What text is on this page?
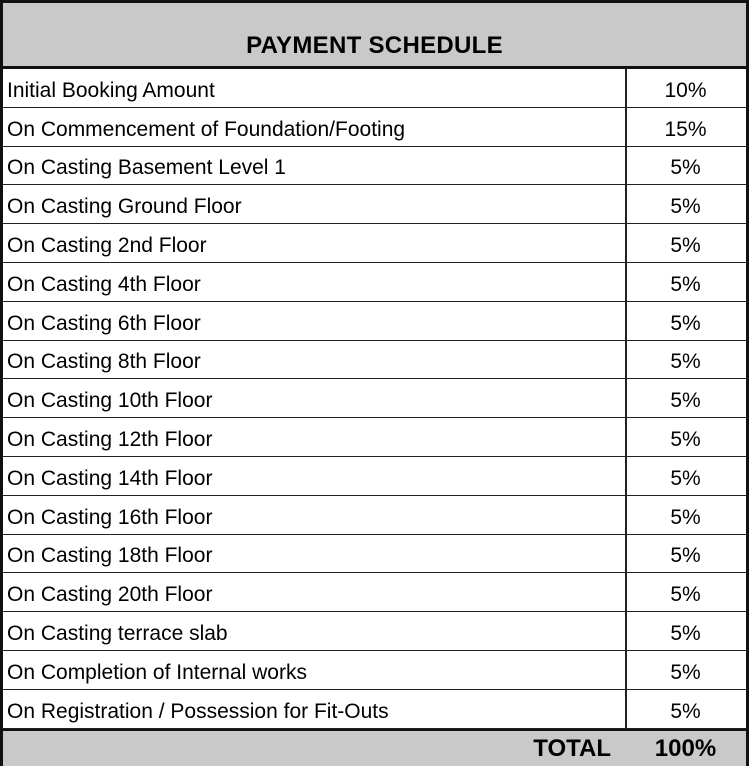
PAYMENT SCHEDULE
Initial Booking Amount	10%
On Commencement of Foundation/Footing	15%
On Casting Basement Level 1	5%
On Casting Ground Floor	5%
On Casting 2nd Floor	5%
On Casting 4th Floor	5%
On Casting 6th Floor	5%
On Casting 8th Floor	5%
On Casting 10th Floor	5%
On Casting 12th Floor	5%
On Casting 14th Floor	5%
On Casting 16th Floor	5%
On Casting 18th Floor	5%
On Casting 20th Floor	5%
On Casting terrace slab	5%
On Completion of Internal works	5%
On Registration / Possession for Fit-Outs	5%
TOTAL	100%
